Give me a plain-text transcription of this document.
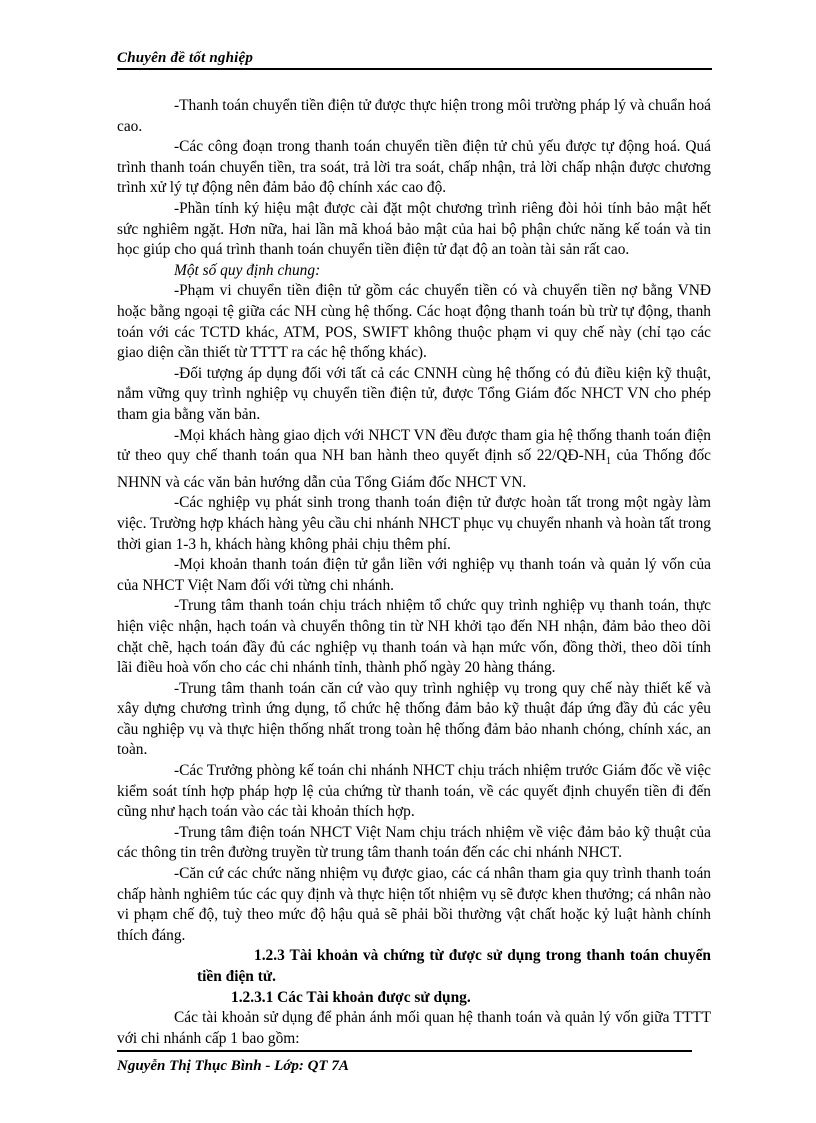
Chuyên đề tốt nghiệp

-Thanh toán chuyển tiền điện tử được thực hiện trong môi trường pháp lý và chuẩn hoá cao.

-Các công đoạn trong thanh toán chuyển tiền điện tử chủ yếu được tự động hoá. Quá trình thanh toán chuyển tiền, tra soát, trả lời tra soát, chấp nhận, trả lời chấp nhận được chương trình xử lý tự động nên đảm bảo độ chính xác cao độ.

-Phần tính ký hiệu mật được cài đặt một chương trình riêng đòi hỏi tính bảo mật hết sức nghiêm ngặt. Hơn nữa, hai lần mã khoá bảo mật của hai bộ phận chức năng kế toán và tin học giúp cho quá trình thanh toán chuyển tiền điện tử đạt độ an toàn tài sản rất cao.

Một số quy định chung:

-Phạm vi chuyển tiền điện tử gồm các chuyển tiền có và chuyển tiền nợ bằng VNĐ hoặc bằng ngoại tệ giữa các NH cùng hệ thống. Các hoạt động thanh toán bù trừ tự động, thanh toán với các TCTD khác, ATM, POS, SWIFT không thuộc phạm vi quy chế này (chỉ tạo các giao diện cần thiết từ TTTT ra các hệ thống khác).

-Đối tượng áp dụng đối với tất cả các CNNH cùng hệ thống có đủ điều kiện kỹ thuật, nắm vững quy trình nghiệp vụ chuyển tiền điện tử, được Tổng Giám đốc NHCT VN cho phép tham gia bằng văn bản.

-Mọi khách hàng giao dịch với NHCT VN đều được tham gia hệ thống thanh toán điện tử theo quy chế thanh toán qua NH ban hành theo quyết định số $22/QĐ-NH_1$ của Thống đốc NHNN và các văn bản hướng dẫn của Tổng Giám đốc NHCT VN.

-Các nghiệp vụ phát sinh trong thanh toán điện tử được hoàn tất trong một ngày làm việc. Trường hợp khách hàng yêu cầu chi nhánh NHCT phục vụ chuyển nhanh và hoàn tất trong thời gian 1-3 h, khách hàng không phải chịu thêm phí.

-Mọi khoản thanh toán điện tử gắn liền với nghiệp vụ thanh toán và quản lý vốn của của NHCT Việt Nam đối với từng chi nhánh.

-Trung tâm thanh toán chịu trách nhiệm tổ chức quy trình nghiệp vụ thanh toán, thực hiện việc nhận, hạch toán và chuyển thông tin từ NH khởi tạo đến NH nhận, đảm bảo theo dõi chặt chẽ, hạch toán đầy đủ các nghiệp vụ thanh toán và hạn mức vốn, đồng thời, theo dõi tính lãi điều hoà vốn cho các chi nhánh tỉnh, thành phố ngày 20 hàng tháng.

-Trung tâm thanh toán căn cứ vào quy trình nghiệp vụ trong quy chế này thiết kế và xây dựng chương trình ứng dụng, tổ chức hệ thống đảm bảo kỹ thuật đáp ứng đầy đủ các yêu cầu nghiệp vụ và thực hiện thống nhất trong toàn hệ thống đảm bảo nhanh chóng, chính xác, an toàn.

-Các Trưởng phòng kế toán chi nhánh NHCT chịu trách nhiệm trước Giám đốc về việc kiểm soát tính hợp pháp hợp lệ của chứng từ thanh toán, về các quyết định chuyển tiền đi đến cũng như hạch toán vào các tài khoản thích hợp.

-Trung tâm điện toán NHCT Việt Nam chịu trách nhiệm về việc đảm bảo kỹ thuật của các thông tin trên đường truyền từ trung tâm thanh toán đến các chi nhánh NHCT.

-Căn cứ các chức năng nhiệm vụ được giao, các cá nhân tham gia quy trình thanh toán chấp hành nghiêm túc các quy định và thực hiện tốt nhiệm vụ sẽ được khen thưởng; cá nhân nào vi phạm chế độ, tuỳ theo mức độ hậu quả sẽ phải bồi thường vật chất hoặc kỷ luật hành chính thích đáng.

1.2.3 Tài khoản và chứng từ được sử dụng trong thanh toán chuyển tiền điện tử.

1.2.3.1 Các Tài khoản được sử dụng.

Các tài khoản sử dụng để phản ánh mối quan hệ thanh toán và quản lý vốn giữa TTTT với chi nhánh cấp 1 bao gồm:

Nguyễn Thị Thục Bình - Lớp: QT 7A
